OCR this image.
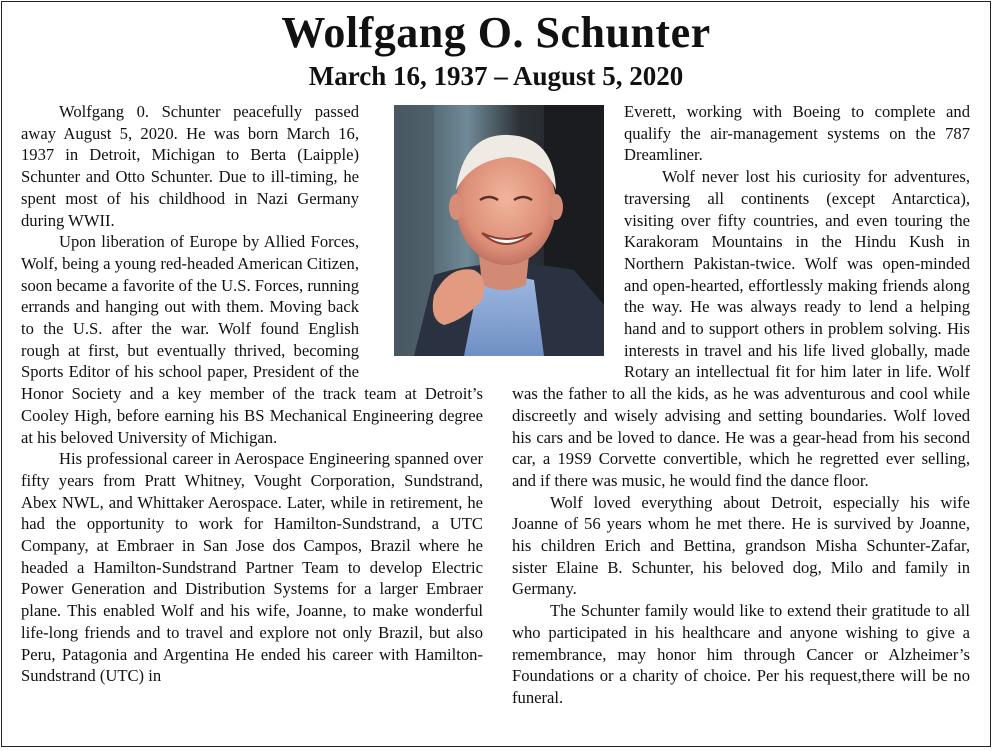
Wolfgang O. Schunter
March 16, 1937 – August 5, 2020

Wolfgang 0. Schunter peacefully passed away August 5, 2020. He was born March 16, 1937 in Detroit, Michigan to Berta (Laipple) Schunter and Otto Schunter. Due to ill-timing, he spent most of his childhood in Nazi Germany during WWII.

Upon liberation of Europe by Allied Forces, Wolf, being a young red-headed American Citizen, soon became a favorite of the U.S. Forces, running errands and hanging out with them. Moving back to the U.S. after the war. Wolf found English rough at first, but eventually thrived, becoming Sports Editor of his school paper, President of the Honor Society and a key member of the track team at Detroit’s Cooley High, before earning his BS Mechanical Engineering degree at his beloved University of Michigan.

His professional career in Aerospace Engineering spanned over fifty years from Pratt Whitney, Vought Corporation, Sundstrand, Abex NWL, and Whittaker Aerospace. Later, while in retirement, he had the opportunity to work for Hamilton-Sundstrand, a UTC Company, at Embraer in San Jose dos Campos, Brazil where he headed a Hamilton-Sundstrand Partner Team to develop Electric Power Generation and Distribution Systems for a larger Embraer plane. This enabled Wolf and his wife, Joanne, to make wonderful life-long friends and to travel and explore not only Brazil, but also Peru, Patagonia and Argentina He ended his career with Hamilton-Sundstrand (UTC) in

Everett, working with Boeing to complete and qualify the air-management systems on the 787 Dreamliner.

Wolf never lost his curiosity for adventures, traversing all continents (except Antarctica), visiting over fifty countries, and even touring the Karakoram Mountains in the Hindu Kush in Northern Pakistan-twice. Wolf was open-minded and open-hearted, effortlessly making friends along the way. He was always ready to lend a helping hand and to support others in problem solving. His interests in travel and his life lived globally, made Rotary an intellectual fit for him later in life. Wolf was the father to all the kids, as he was adventurous and cool while discreetly and wisely advising and setting boundaries. Wolf loved his cars and be loved to dance. He was a gear-head from his second car, a 19S9 Corvette convertible, which he regretted ever selling, and if there was music, he would find the dance floor.

Wolf loved everything about Detroit, especially his wife Joanne of 56 years whom he met there. He is survived by Joanne, his children Erich and Bettina, grandson Misha Schunter-Zafar, sister Elaine B. Schunter, his beloved dog, Milo and family in Germany.

The Schunter family would like to extend their gratitude to all who participated in his healthcare and anyone wishing to give a remembrance, may honor him through Cancer or Alzheimer’s Foundations or a charity of choice. Per his request,there will be no funeral.
